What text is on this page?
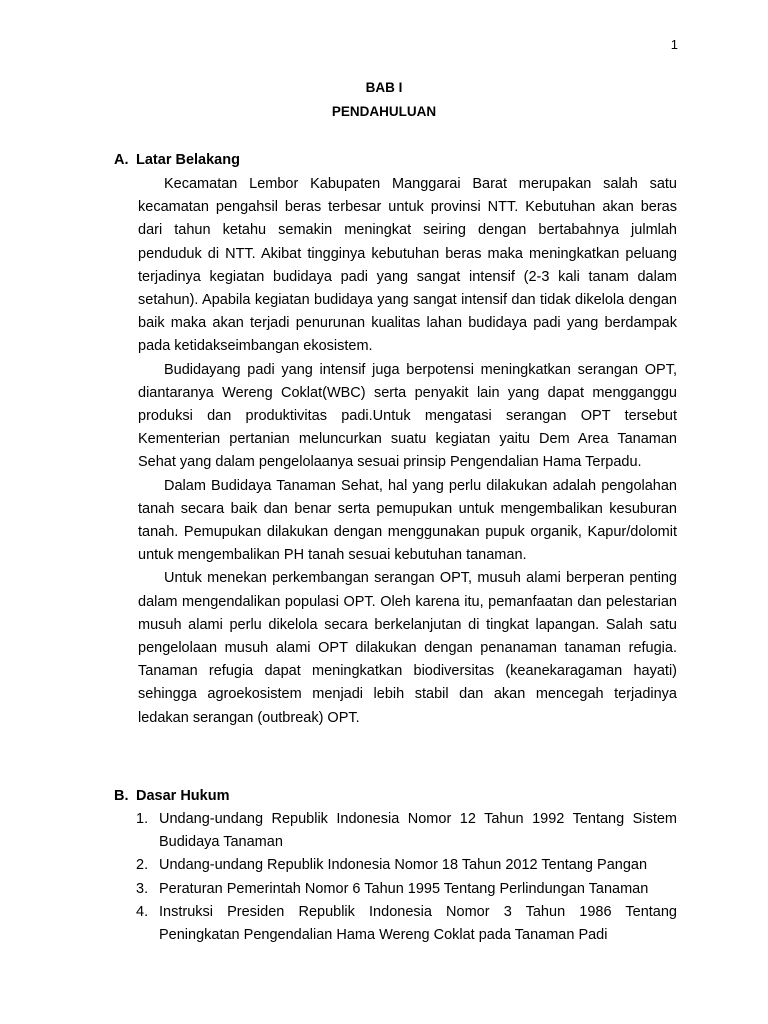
1
BAB I
PENDAHULUAN
A. Latar Belakang

Kecamatan Lembor Kabupaten Manggarai Barat merupakan salah satu kecamatan pengahsil beras terbesar untuk provinsi NTT. Kebutuhan akan beras dari tahun ketahu semakin meningkat seiring dengan bertabahnya julmlah penduduk di NTT. Akibat tingginya kebutuhan beras maka meningkatkan peluang terjadinya kegiatan budidaya padi yang sangat intensif (2-3 kali tanam dalam setahun). Apabila kegiatan budidaya yang sangat intensif dan tidak dikelola dengan baik maka akan terjadi penurunan kualitas lahan budidaya padi yang berdampak pada ketidakseimbangan ekosistem.

Budidayang padi yang intensif juga berpotensi meningkatkan serangan OPT, diantaranya Wereng Coklat(WBC) serta penyakit lain yang dapat mengganggu produksi dan produktivitas padi.Untuk mengatasi serangan OPT tersebut Kementerian pertanian meluncurkan suatu kegiatan yaitu Dem Area Tanaman Sehat yang dalam pengelolaanya sesuai prinsip Pengendalian Hama Terpadu.

Dalam Budidaya Tanaman Sehat, hal yang perlu dilakukan adalah pengolahan tanah secara baik dan benar serta pemupukan untuk mengembalikan kesuburan tanah. Pemupukan dilakukan dengan menggunakan pupuk organik, Kapur/dolomit untuk mengembalikan PH tanah sesuai kebutuhan tanaman.

Untuk menekan perkembangan serangan OPT, musuh alami berperan penting dalam mengendalikan populasi OPT. Oleh karena itu, pemanfaatan dan pelestarian musuh alami perlu dikelola secara berkelanjutan di tingkat lapangan. Salah satu pengelolaan musuh alami OPT dilakukan dengan penanaman tanaman refugia. Tanaman refugia dapat meningkatkan biodiversitas (keanekaragaman hayati) sehingga agroekosistem menjadi lebih stabil dan akan mencegah terjadinya ledakan serangan (outbreak) OPT.

B. Dasar Hukum
1. Undang-undang Republik Indonesia Nomor 12 Tahun 1992 Tentang Sistem Budidaya Tanaman
2. Undang-undang Republik Indonesia Nomor 18 Tahun 2012 Tentang Pangan
3. Peraturan Pemerintah Nomor 6 Tahun 1995 Tentang Perlindungan Tanaman
4. Instruksi Presiden Republik Indonesia Nomor 3 Tahun 1986 Tentang Peningkatan Pengendalian Hama Wereng Coklat pada Tanaman Padi
